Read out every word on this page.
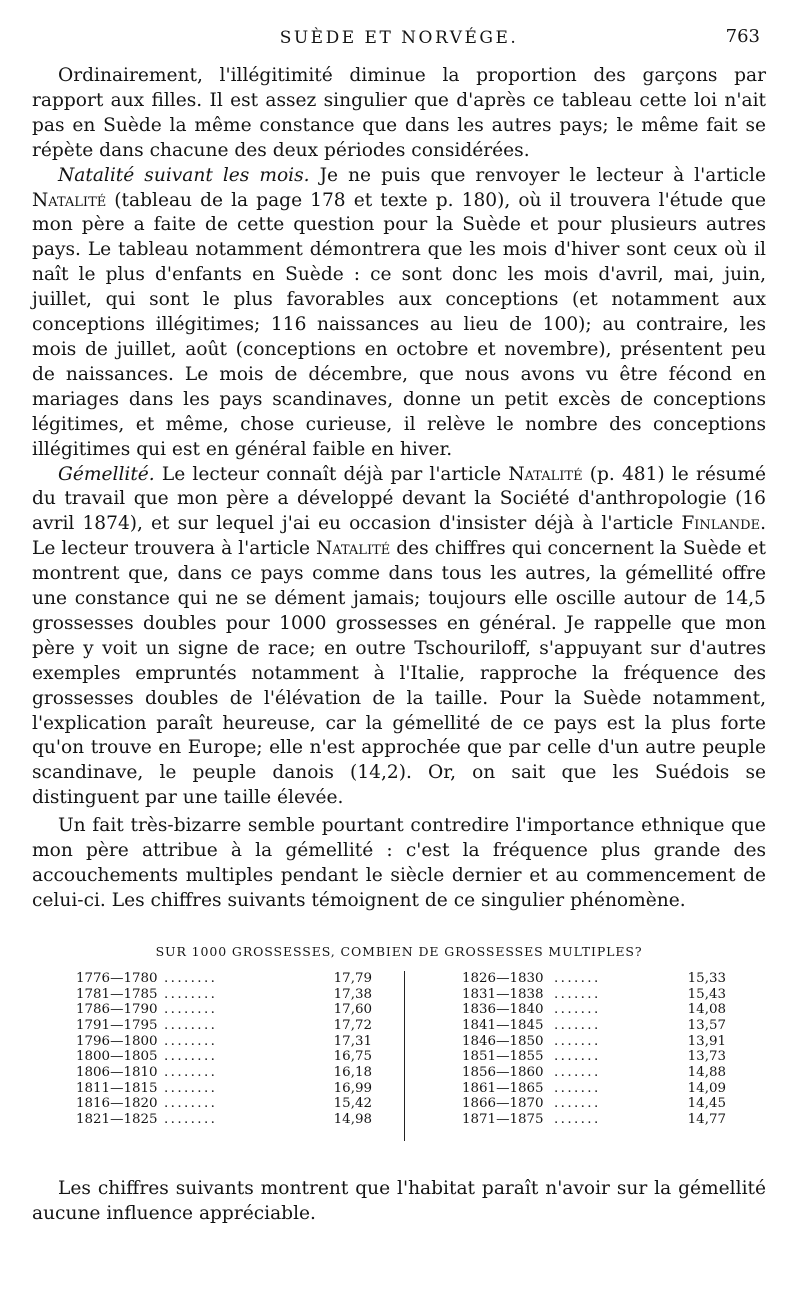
SUÈDE ET NORVÉGE.	763

Ordinairement, l'illégitimité diminue la proportion des garçons par rapport aux filles. Il est assez singulier que d'après ce tableau cette loi n'ait pas en Suède la même constance que dans les autres pays; le même fait se répète dans chacune des deux périodes considérées.

Natalité suivant les mois. Je ne puis que renvoyer le lecteur à l'article Natalité (tableau de la page 178 et texte p. 180), où il trouvera l'étude que mon père a faite de cette question pour la Suède et pour plusieurs autres pays. Le tableau notamment démontrera que les mois d'hiver sont ceux où il naît le plus d'enfants en Suède : ce sont donc les mois d'avril, mai, juin, juillet, qui sont le plus favorables aux conceptions (et notamment aux conceptions illégitimes; 116 naissances au lieu de 100); au contraire, les mois de juillet, août (conceptions en octobre et novembre), présentent peu de naissances. Le mois de décembre, que nous avons vu être fécond en mariages dans les pays scandinaves, donne un petit excès de conceptions légitimes, et même, chose curieuse, il relève le nombre des conceptions illégitimes qui est en général faible en hiver.

Gémellité. Le lecteur connaît déjà par l'article Natalité (p. 481) le résumé du travail que mon père a développé devant la Société d'anthropologie (16 avril 1874), et sur lequel j'ai eu occasion d'insister déjà à l'article Finlande. Le lecteur trouvera à l'article Natalité des chiffres qui concernent la Suède et montrent que, dans ce pays comme dans tous les autres, la gémellité offre une constance qui ne se dément jamais; toujours elle oscille autour de 14,5 grossesses doubles pour 1000 grossesses en général. Je rappelle que mon père y voit un signe de race; en outre Tschouriloff, s'appuyant sur d'autres exemples empruntés notamment à l'Italie, rapproche la fréquence des grossesses doubles de l'élévation de la taille. Pour la Suède notamment, l'explication paraît heureuse, car la gémellité de ce pays est la plus forte qu'on trouve en Europe; elle n'est approchée que par celle d'un autre peuple scandinave, le peuple danois (14,2). Or, on sait que les Suédois se distinguent par une taille élevée.

Un fait très-bizarre semble pourtant contredire l'importance ethnique que mon père attribue à la gémellité : c'est la fréquence plus grande des accouchements multiples pendant le siècle dernier et au commencement de celui-ci. Les chiffres suivants témoignent de ce singulier phénomène.

SUR 1000 GROSSESSES, COMBIEN DE GROSSESSES MULTIPLES?
1776—1780 ........	17,79
1781—1785 ........	17,38
1786—1790 ........	17,60
1791—1795 ........	17,72
1796—1800 ........	17,31
1800—1805 ........	16,75
1806—1810 ........	16,18
1811—1815 ........	16,99
1816—1820 ........	15,42
1821—1825 ........	14,98
1826—1830 .......	15,33
1831—1838 .......	15,43
1836—1840 .......	14,08
1841—1845 .......	13,57
1846—1850 .......	13,91
1851—1855 .......	13,73
1856—1860 .......	14,88
1861—1865 .......	14,09
1866—1870 .......	14,45
1871—1875 .......	14,77

Les chiffres suivants montrent que l'habitat paraît n'avoir sur la gémellité aucune influence appréciable.
